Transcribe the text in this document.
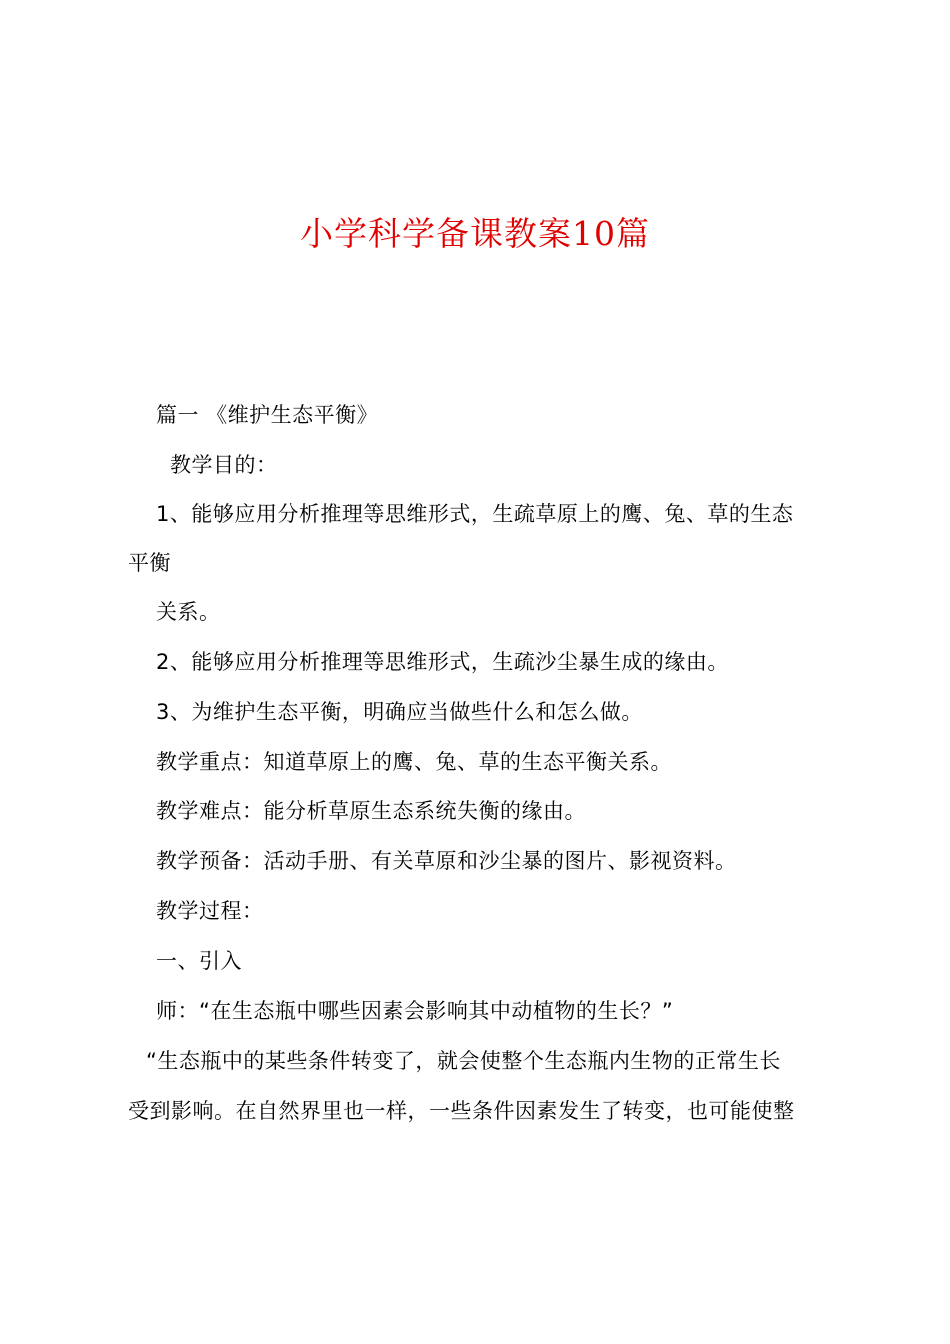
小学科学备课教案10篇
篇一 《维护生态平衡》
教学目的：
1、能够应用分析推理等思维形式，生疏草原上的鹰、兔、草的生态
平衡
关系。
2、能够应用分析推理等思维形式，生疏沙尘暴生成的缘由。
3、为维护生态平衡，明确应当做些什么和怎么做。
教学重点：知道草原上的鹰、兔、草的生态平衡关系。
教学难点：能分析草原生态系统失衡的缘由。
教学预备：活动手册、有关草原和沙尘暴的图片、影视资料。
教学过程：
一、引入
师：“在生态瓶中哪些因素会影响其中动植物的生长？”
“生态瓶中的某些条件转变了，就会使整个生态瓶内生物的正常生长
受到影响。在自然界里也一样，一些条件因素发生了转变，也可能使整
